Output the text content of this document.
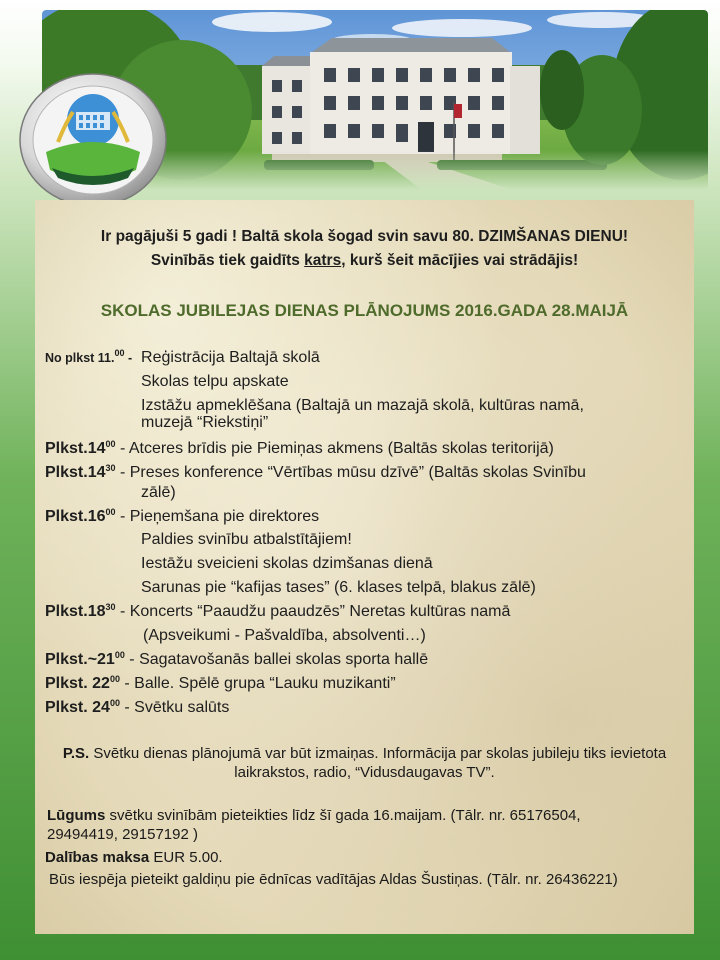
Ir pagājuši 5 gadi ! Baltā skola šogad svin savu 80. DZIMŠANAS DIENU!
Svinībās tiek gaidīts katrs, kurš šeit mācījies vai strādājis!
SKOLAS JUBILEJAS DIENAS PLĀNOJUMS 2016.GADA 28.MAIJĀ
No plkst 11.00 - Reģistrācija Baltajā skolā
Skolas telpu apskate
Izstāžu apmeklēšana (Baltajā un mazajā skolā, kultūras namā,
muzejā “Riekstiņi”
$Plkst.14^{00}$ - Atceres brīdis pie Piemiņas akmens (Baltās skolas teritorijā)
$Plkst.14^{30}$ - Preses konference “Vērtības mūsu dzīvē” (Baltās skolas Svinību
zālē)
$Plkst.16^{00}$ - Pieņemšana pie direktores
Paldies svinību atbalstītājiem!
Iestāžu sveicieni skolas dzimšanas dienā
Sarunas pie “kafijas tases” (6. klases telpā, blakus zālē)
$Plkst.18^{30}$ - Koncerts “Paaudžu paaudzēs” Neretas kultūras namā
(Apsveikumi - Pašvaldība, absolventi…)
$Plkst.\sim 21^{00}$ - Sagatavošanās ballei skolas sporta hallē
Plkst. $22^{00}$ - Balle. Spēlē grupa “Lauku muzikanti”
Plkst. $24^{00}$ - Svētku salūts
P.S. Svētku dienas plānojumā var būt izmaiņas. Informācija par skolas jubileju tiks ievietota laikrakstos, radio, “Vidusdaugavas TV”.
Lūgums svētku svinībām pieteikties līdz šī gada 16.maijam. (Tālr. nr. 65176504,
29494419, 29157192 )
Dalības maksa EUR 5.00.
Būs iespēja pieteikt galdiņu pie ēdnīcas vadītājas Aldas Šustiņas. (Tālr. nr. 26436221)
